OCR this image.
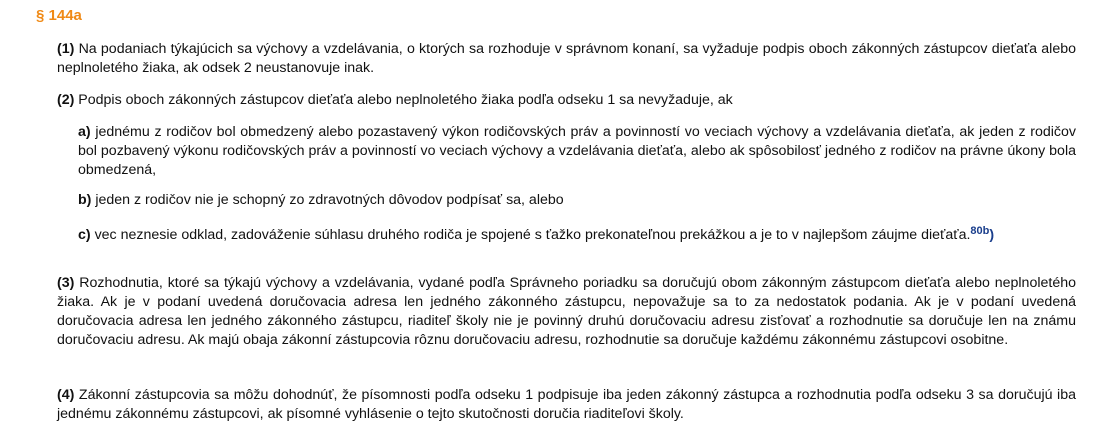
§ 144a
(1) Na podaniach týkajúcich sa výchovy a vzdelávania, o ktorých sa rozhoduje v správnom konaní, sa vyžaduje podpis oboch zákonných zástupcov dieťaťa alebo neplnoletého žiaka, ak odsek 2 neustanovuje inak.
(2) Podpis oboch zákonných zástupcov dieťaťa alebo neplnoletého žiaka podľa odseku 1 sa nevyžaduje, ak
a) jednému z rodičov bol obmedzený alebo pozastavený výkon rodičovských práv a povinností vo veciach výchovy a vzdelávania dieťaťa, ak jeden z rodičov bol pozbavený výkonu rodičovských práv a povinností vo veciach výchovy a vzdelávania dieťaťa, alebo ak spôsobilosť jedného z rodičov na právne úkony bola obmedzená,
b) jeden z rodičov nie je schopný zo zdravotných dôvodov podpísať sa, alebo
c) vec neznesie odklad, zadováženie súhlasu druhého rodiča je spojené s ťažko prekonateľnou prekážkou a je to v najlepšom záujme dieťaťa.$^{80b}$)
(3) Rozhodnutia, ktoré sa týkajú výchovy a vzdelávania, vydané podľa Správneho poriadku sa doručujú obom zákonným zástupcom dieťaťa alebo neplnoletého žiaka. Ak je v podaní uvedená doručovacia adresa len jedného zákonného zástupcu, nepovažuje sa to za nedostatok podania. Ak je v podaní uvedená doručovacia adresa len jedného zákonného zástupcu, riaditeľ školy nie je povinný druhú doručovaciu adresu zisťovať a rozhodnutie sa doručuje len na známu doručovaciu adresu. Ak majú obaja zákonní zástupcovia rôznu doručovaciu adresu, rozhodnutie sa doručuje každému zákonnému zástupcovi osobitne.
(4) Zákonní zástupcovia sa môžu dohodnúť, že písomnosti podľa odseku 1 podpisuje iba jeden zákonný zástupca a rozhodnutia podľa odseku 3 sa doručujú iba jednému zákonnému zástupcovi, ak písomné vyhlásenie o tejto skutočnosti doručia riaditeľovi školy.
